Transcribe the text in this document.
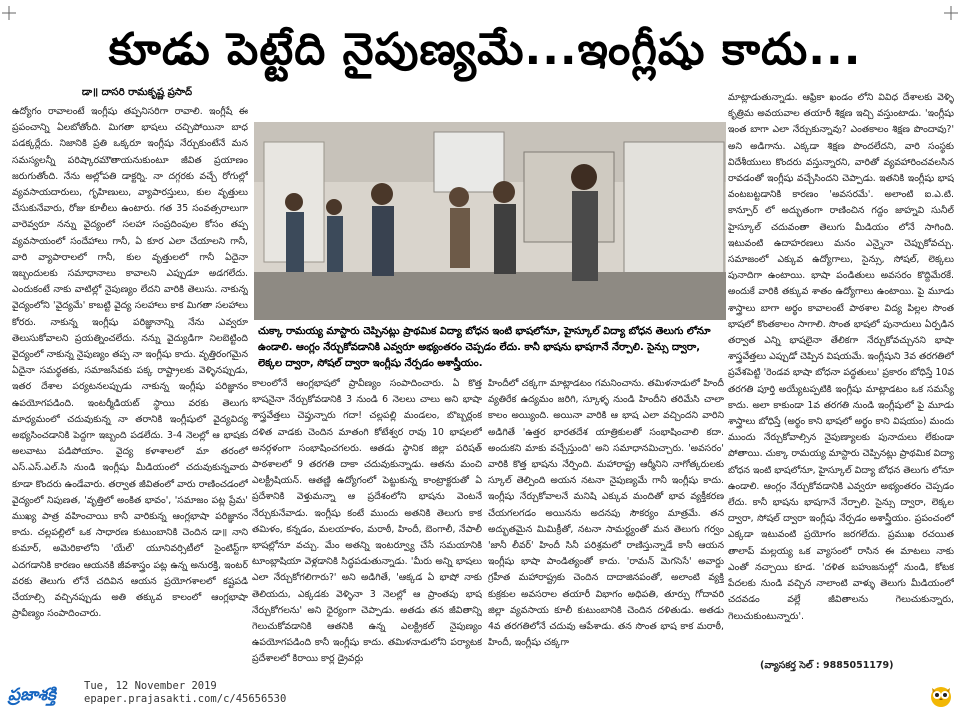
కూడు పెట్టేది నైపుణ్యమే...ఇంగ్లీషు కాదు...
డా॥ దాసరి రామకృష్ణ ప్రసాద్

ఉద్యోగం రావాలంటే ఇంగ్లీషు తప్పనిసరిగా రావాలి. ఇంగ్లీషే ఈ ప్రపంచాన్ని ఏలబోతోంది. మిగతా భాషలు చచ్చిపోయినా బాధ పడక్కర్లేదు. నిజానికి ప్రతి ఒక్కరూ ఇంగ్లీషు నేర్చుకుంటేనే మన సమస్యలన్నీ పరిష్కారమౌతాయనుకుంటూ జీవిత ప్రయాణం జరుగుతోంది. నేను అల్లోపతి డాక్టర్ని. నా దగ్గరకు వచ్చే రోగుల్లో వ్యవసాయదారులు, గృహిణులు, వ్యాపారస్తులు, కుల వృత్తులు చేసుకునేవారు, రోజు కూలీలు ఉంటారు. గత 35 సంవత్సరాలుగా వారెవ్వరూ నన్ను వైద్యంలో సలహా సంప్రదింపుల కోసం తప్ప వ్యవసాయంలో సందేహాలు గానీ, ఏ కూర ఎలా చేయాలని గానీ, వారి వ్యాపారాలలో గానీ, కుల వృత్తులలో గానీ ఏదైనా ఇబ్బందులకు సమాధానాలు కావాలని ఎప్పుడూ అడగలేదు. ఎందుకంటే నాకు వాటిల్లో నైపుణ్యం లేదని వారికి తెలుసు. నాకున్న వైద్యంలోని 'వైద్యమే' కాబట్టి వైద్య సలహాలు కాక మిగతా సలహాలు కోరరు. నాకున్న ఇంగ్లీషు పరిజ్ఞానాన్ని నేను ఎవ్వరూ తెలుసుకోవాలని ప్రయత్నించలేదు. నన్ను వైద్యుడిగా నిలబెట్టింది వైద్యంలో నాకున్న నైపుణ్యం తప్ప నా ఇంగ్లీషు కాదు. వృత్తిరంగమైన ఏదైనా సమర్థతకు, సమాజసేవకు పక్క రాష్ట్రాలకు వెళ్ళినప్పుడు, ఇతర దేశాల పర్యటనలప్పుడు నాకున్న ఇంగ్లీషు పరిజ్ఞానం ఉపయోగపడింది. ఇంటర్మీడియట్ స్థాయి వరకు తెలుగు మాధ్యమంలో చదువుకున్న నా తరానికి ఇంగ్లీషులో వైద్యవిద్య అభ్యసించడానికి పెద్దగా ఇబ్బంది పడలేదు. 3-4 నెలల్లో ఆ భాషకు అలవాటు పడిపోయాం. వైద్య కళాశాలలో మా తరంలో ఎస్.ఎస్.ఎల్.సి నుండి ఇంగ్లీషు మీడియంలో చదువుకున్నవారు కూడా కొందరు ఉండేవారు. తర్వాత జీవితంలో వారు రాణించడంలో వైద్యంలో నిపుణత, 'వృత్తిలో అంకిత భావం', 'సమాజం పట్ల ప్రేమ' ముఖ్య పాత్ర వహించాయి కానీ వారికున్న ఆంగ్లభాషా పరిజ్ఞానం కాదు. చల్లపల్లిలో ఒక సాధారణ కుటుంబానికి చెందిన డా॥ నాని కుమార్, అమెరికాలోని 'యేల్' యూనివర్సిటీలో సైంటిస్ట్‌గా ఎదగడానికి కారణం ఆయనకి జీవశాస్త్రం పట్ల ఉన్న అనురక్తి, ఇంటర్ వరకు తెలుగు లోనే చదివిన ఆయన ప్రయోగశాలలో కష్టపడి చేయాల్సి వచ్చినప్పుడు అతి తక్కువ కాలంలో ఆంగ్లభాషా ప్రావీణ్యం సంపాదించారు.

చుక్కా రామయ్య మాస్టారు చెప్పినట్లు ప్రాథమిక విద్యా బోధన ఇంటి భాషలోనూ, హైస్కూల్ విద్యా బోధన తెలుగు లోనూ ఉండాలి. ఆంగ్లం నేర్చుకోవడానికి ఎవ్వరూ అభ్యంతరం చెప్పడం లేదు. కానీ భాషను భాషగానే నేర్పాలి. సైన్సు ద్వారా, లెక్కల ద్వారా, సోషల్ ద్వారా ఇంగ్లీషు నేర్పడం అశాస్త్రీయం.

కాలంలోనే ఆంగ్లభాషలో ప్రావీణ్యం సంపాదించారు. ఏ కొత్త భాషనైనా నేర్చుకోవడానికి 3 నుండి 6 నెలలు చాలు అని భాషా శాస్త్రవేత్తలు చెప్తున్నారు గదా! చల్లపల్లి మండలం, బొబ్బర్లంక దళిత వాడకు చెందిన మాతంగి కోటేశ్వర రావు 10 భాషలలో అనర్గళంగా సంభాషించగలరు. ఆతడు స్థానిక జిల్లా పరిషత్ పాఠశాలలో 9 తరగతి దాకా చదువుకున్నాడు. ఆతను మంచి ఎలక్ట్రీషియన్. ఆతణ్ణి ఉద్యోగంలో పెట్టుకున్న కాంట్రాక్టరుతో ఏ ప్రదేశానికి వెళ్తుమన్నా ఆ ప్రదేశంలోని భాషను వెంటనే నేర్చుకునేవాడు. ఇంగ్లీషు కంటే ముందు అతనికి తెలుగు కాక తమిళం, కన్నడం, మలయాళం, మరాఠీ, హిందీ, బెంగాలీ, నేపాలీ భాషల్లోనూ వచ్చు. మేం అతన్ని ఇంటర్వ్యూ చేసే సమయానికి టూంబ్లాషియా వెళ్లడానికి సిద్ధపడుతున్నాడు. 'మీరు అన్ని భాషలు ఎలా నేర్చుకోగలిగారు?' అని అడిగితే, 'ఆక్కడ ఏ భాషో నాకు తెలియదు, ఎక్కడకు వెళ్ళినా 3 నెలల్లో ఆ ప్రాంతపు భాష నేర్చుకోగలను' అని ధైర్యంగా చెప్పాడు. అతడు తన జీవితాన్ని గెలుచుకోవడానికి ఆతనికి ఉన్న ఎలక్ట్రికల్ నైపుణ్యం ఉపయోగపడింది కానీ ఇంగ్లీషు కాదు. తమిళనాడులోని పర్యాటక ప్రదేశాలలో కిరాయి కార్ల డ్రైవర్లు

హిందీలో చక్కగా మాట్లాడటం గమనించాను. తమిళనాడులో హిందీ వ్యతిరేక ఉద్యమం జరిగి, స్కూళ్ళ నుండి హిందీని తరిమేసి చాలా కాలం అయ్యింది. అయినా వారికి ఆ భాష ఎలా వచ్చిందని వారిని అడిగితే 'ఉత్తర భారతదేశ యాత్రికులతో సంభాషించాలి కదా. అందుకని మాకు వచ్చేస్తుంది' అని సమాధానమిచ్చారు. 'అవసరం' వారికి కొత్త భాషను నేర్పింది. మహారాష్ట్ర ఆర్మీనిని నాగోత్కరులకు స్కూల్ తెల్పింది అయన నటనా నైపుణ్యమే గానీ ఇంగ్లీషు కాదు. ఇంగ్లీషు నేర్చుకోవాలనే మనిషి ఎక్కువ మందితో భావ వ్యక్తీకరణ చేయగలగడం అయినను అదనపు సౌకర్యం మాత్రమే. తన అద్భుతమైన మిమిక్రీతో, నటనా సామర్థ్యంతో మన తెలుగు గర్వం 'జానీ లీవర్' హిందీ సినీ పరిశ్రమలో రాణిస్తున్నాడే కానీ ఆయన ఇంగ్లీషు భాషా పాండిత్యంతో కాదు. 'రామన్ మెగసెసే' అవార్డు గ్రహీత మహారాష్ట్రకు చెందిన దాదాజినపంతో, అలాంటి వ్యక్తి కుక్రకుల అవసరాల తయారీ విభాగం అధిపతి, తూర్పు గోదావరి జిల్లా వ్యవసాయ కూలీ కుటుంబానికి చెందిన దళితుడు. అతడు 4వ తరగతిలోనే చదువు ఆపేశాడు. తన సొంత భాష కాక మరాఠీ, హిందీ, ఇంగ్లీషు చక్కగా

మాట్లాడుతున్నాడు. ఆఫ్రికా ఖండం లోని వివిధ దేశాలకు వెళ్ళి కృత్రిమ అవయవాల తయారీ శిక్షణ ఇచ్చి వస్తుంటాడు. 'ఇంగ్లీషు ఇంత బాగా ఎలా నేర్చుకున్నావు? ఎంతకాలం శిక్షణ పొందావు?' అని అడిగాను. ఎక్కడా శిక్షణ పొందలేదని, వారి సంస్థకు విదేశీయులు కొందరు వస్తున్నారని, వారితో వ్యవహారించవలసిన రావడంతో ఇంగ్లీషు వచ్చేసిందని చెప్పాడు. ఇతనికి ఇంగ్లీషు భాష వంటబట్టడానికి కారణం 'అవసరమే'. అలాంటి ఐ.ఎ.టి. కాన్పూర్ లో అద్భుతంగా రాణించిన గద్దం జాహ్నవి సునీల్ హైస్కూల్ చదువంతా తెలుగు మీడియం లోనే సాగింది. ఇటువంటి ఉదాహరణలు మనం ఎన్నైనా చెప్పుకోవచ్చు. సమాజంలో ఎక్కువ ఉద్యోగాలు, సైన్సు, సోషల్, లెక్కలు పునాదిగా ఉంటాయి. భాషా పండితులు అవసరం కొద్దిమేరకే. అందుకే వారికి తక్కువ శాతం ఉద్యోగాలు ఉంటాయి. పై మూడు శాస్త్రాలు బాగా అర్థం కావాలంటే పాఠశాల విద్య పిల్లల సొంత భాషలో కొంతకాలం సాగాలి. సొంత భాషలో పునాదులు ఏర్పడిన తర్వాత ఎన్ని భాషలైనా తేలికగా నేర్చుకోవచ్చునని భాషా శాస్త్రవేత్తలు ఎప్పుడో చెప్పిన విషయమే. ఇంగ్లీషుని 3వ తరగతిలో ప్రవేశపెట్టి 'రెండవ భాషా బోధనా పద్ధతులు' ప్రకారం బోధిస్తే 10వ తరగతి పూర్తి అయ్యేటప్పటికి ఇంగ్లీషు మాట్లాడటం ఒక సమస్యే కాదు. అలా కాకుండా 1వ తరగతి నుండి ఇంగ్లీషులో పై మూడు శాస్త్రాలు బోధిస్తే (అర్థం కాని భాషలో అర్థం కాని విషయం) మందు ముందు నేర్చుకోవాల్సిన నైపుణ్యాలకు పునాదులు లేకుండా పోతాయి. చుక్కా రామయ్య మాస్టారు చెప్పినట్లు ప్రాథమిక విద్యా బోధన ఇంటి భాషలోనూ, హైస్కూల్ విద్యా బోధన తెలుగు లోనూ ఉండాలి. ఆంగ్లం నేర్చుకోవడానికి ఎవ్వరూ అభ్యంతరం చెప్పడం లేదు. కానీ భాషను భాషగానే నేర్పాలి. సైన్సు ద్వారా, లెక్కల ద్వారా, సోషల్ ద్వారా ఇంగ్లీషు నేర్పడం అశాస్త్రీయం. ప్రపంచంలో ఎక్కడా ఇటువంటి ప్రయోగం జరగలేదు. ప్రముఖ రచయిత తాలాప్ మల్లయ్య ఒక వ్యాసంలో రాసిన ఈ మాటలు నాకు ఎంతో నచ్చాయి కూడ. 'దళిత బహుజనుల్లో నుండి, కోటక పేదలకు నుండి వచ్చిన నాలాంటి వాళ్ళు తెలుగు మీడియంలో చదవడం వల్లే జీవితాలను గెలుచుకున్నారు, గెలుచుకుంటున్నారు'.

(వ్యాసకర్త సెల్ : 9885051179)
ప్రజాశక్తి	Tue, 12 November 2019
epaper.prajasakti.com/c/45656530
